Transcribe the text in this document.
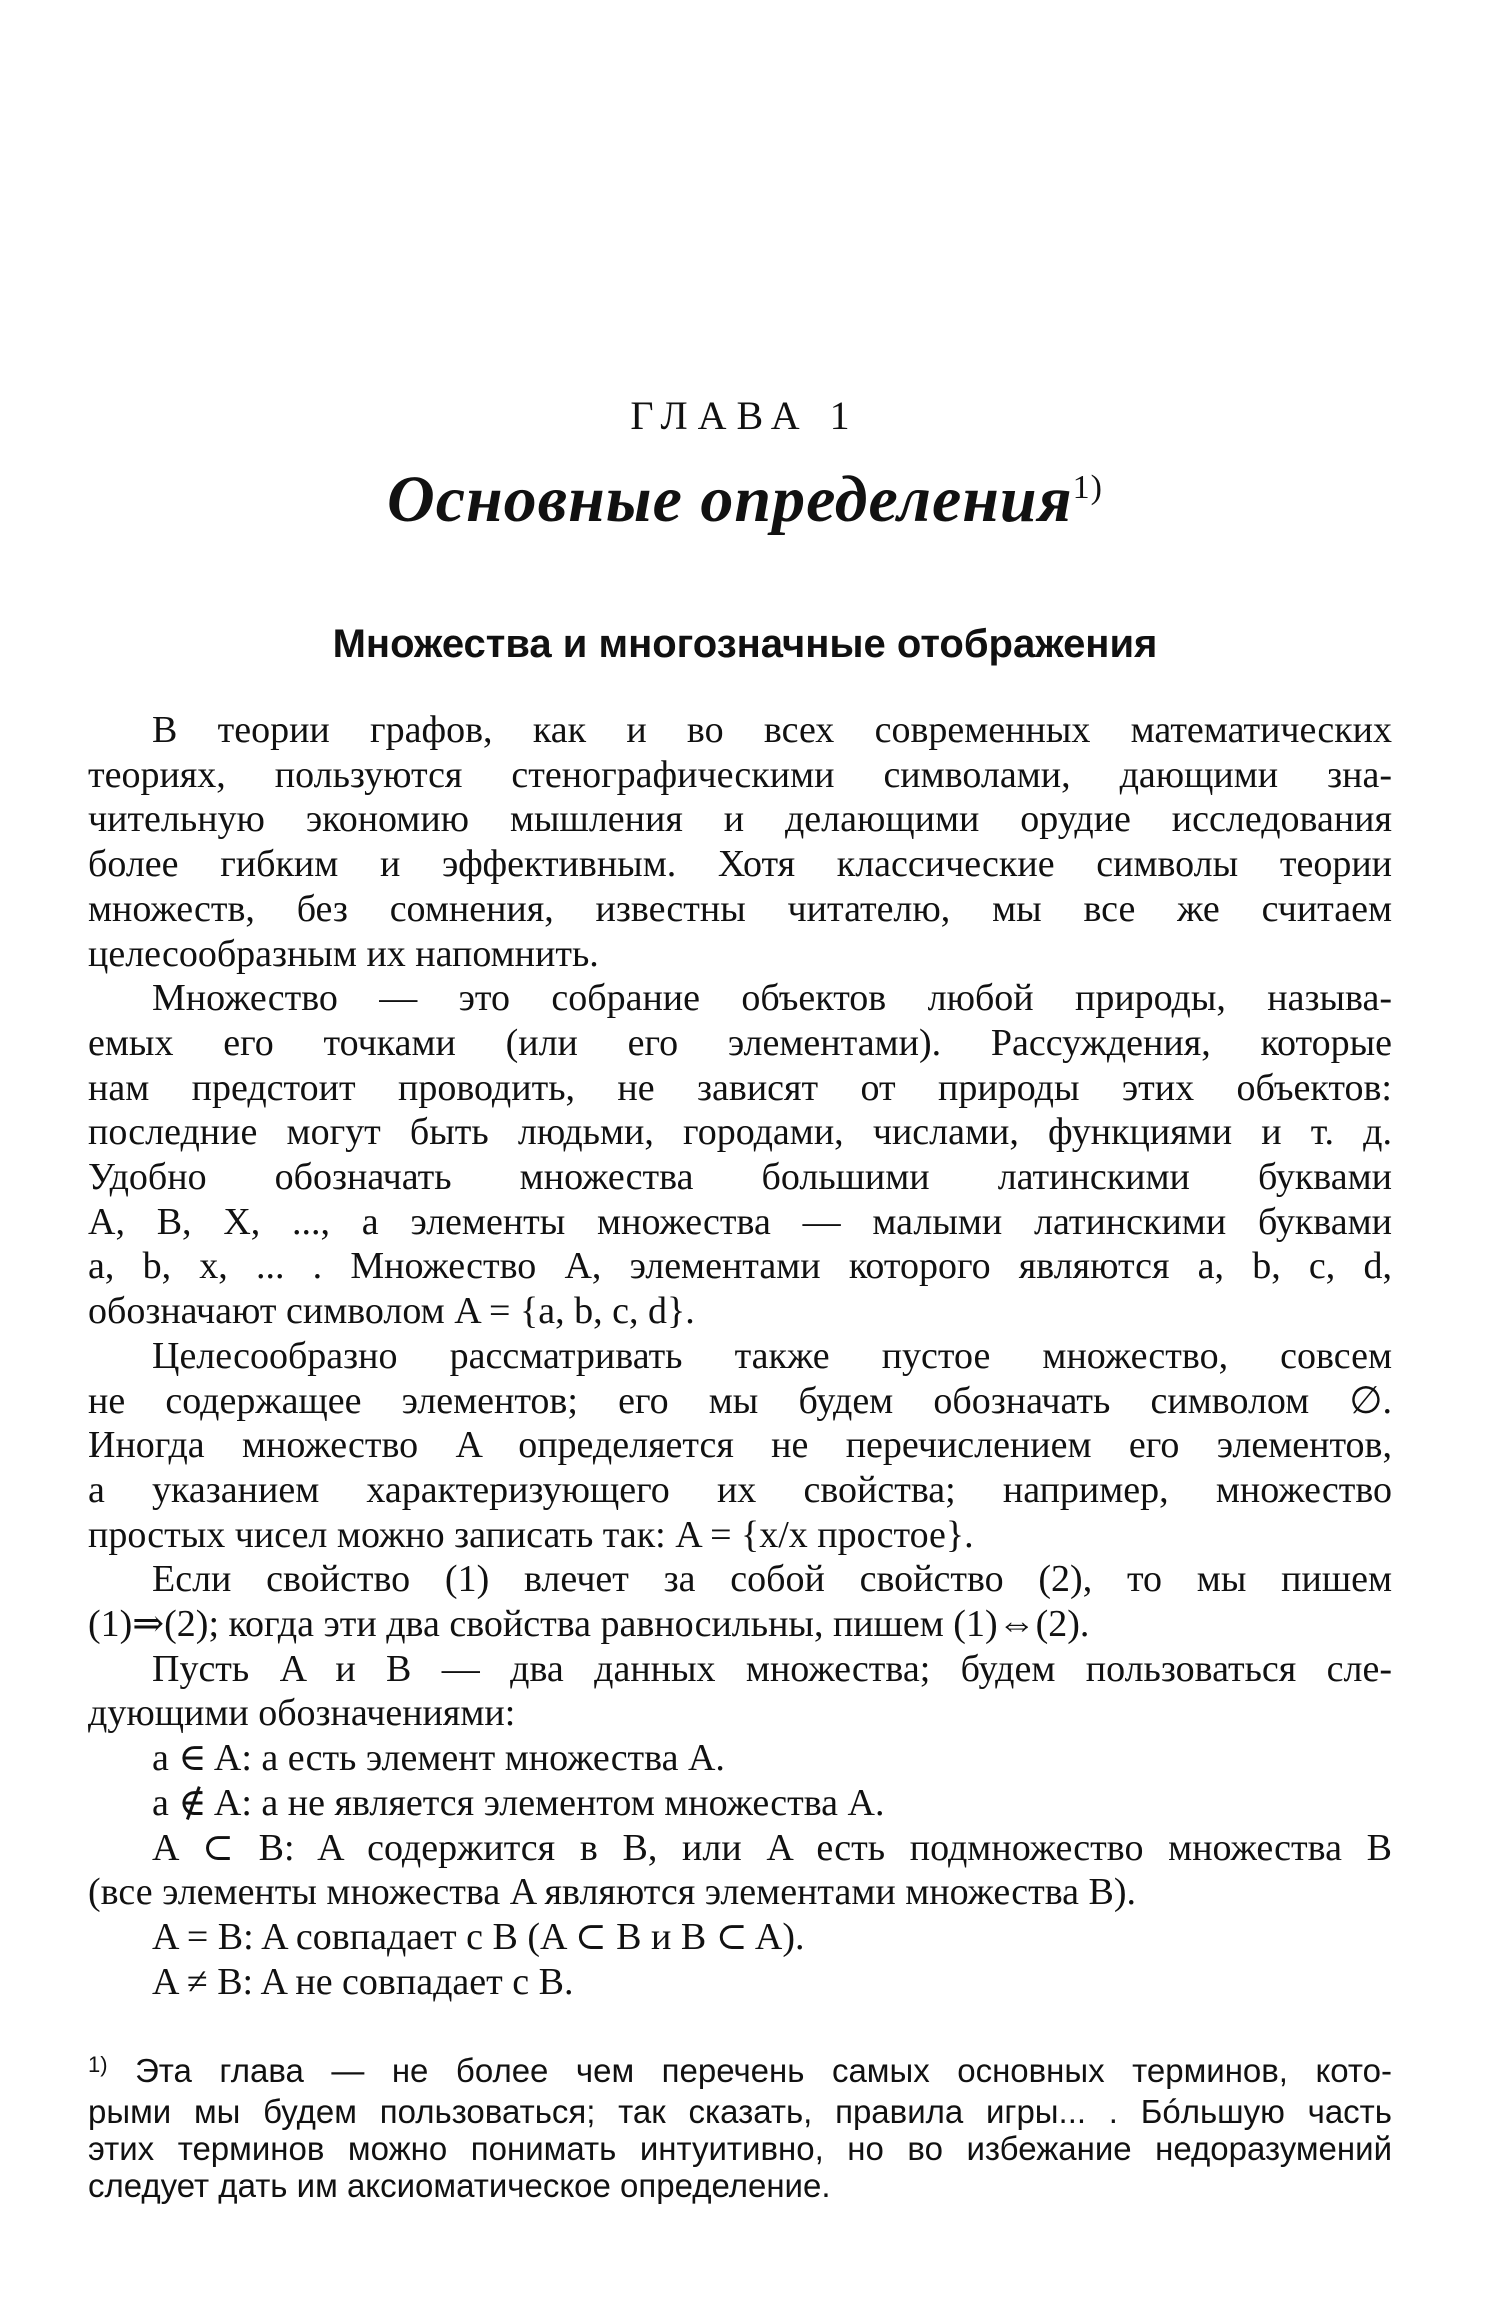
ГЛАВА 1
Основные определения$^{1)}$
Множества и многозначные отображения
В теории графов, как и во всех современных математических
теориях, пользуются стенографическими символами, дающими зна-
чительную экономию мышления и делающими орудие исследования
более гибким и эффективным. Хотя классические символы теории
множеств, без сомнения, известны читателю, мы все же считаем
целесообразным их напомнить.
Множество — это собрание объектов любой природы, называ-
емых его точками (или его элементами). Рассуждения, которые
нам предстоит проводить, не зависят от природы этих объектов:
последние могут быть людьми, городами, числами, функциями и т. д.
Удобно обозначать множества большими латинскими буквами
A, B, X, ..., а элементы множества — малыми латинскими буквами
a, b, x, ... . Множество A, элементами которого являются a, b, c, d,
обозначают символом A = {a, b, c, d}.
Целесообразно рассматривать также пустое множество, совсем
не содержащее элементов; его мы будем обозначать символом ∅.
Иногда множество A определяется не перечислением его элементов,
а указанием характеризующего их свойства; например, множество
простых чисел можно записать так: A = {x/x простое}.
Если свойство (1) влечет за собой свойство (2), то мы пишем
(1)⇒(2); когда эти два свойства равносильны, пишем (1)⇔(2).
Пусть A и B — два данных множества; будем пользоваться сле-
дующими обозначениями:
a ∈ A: a есть элемент множества A.
a ∉ A: a не является элементом множества A.
A ⊂ B: A содержится в B, или A есть подмножество множества B
(все элементы множества A являются элементами множества B).
A = B: A совпадает с B (A ⊂ B и B ⊂ A).
A ≠ B: A не совпадает с B.
$^{1)}$ Эта глава — не более чем перечень самых основных терминов, кото-
рыми мы будем пользоваться; так сказать, правила игры... . Бóльшую часть
этих терминов можно понимать интуитивно, но во избежание недоразумений
следует дать им аксиоматическое определение.
